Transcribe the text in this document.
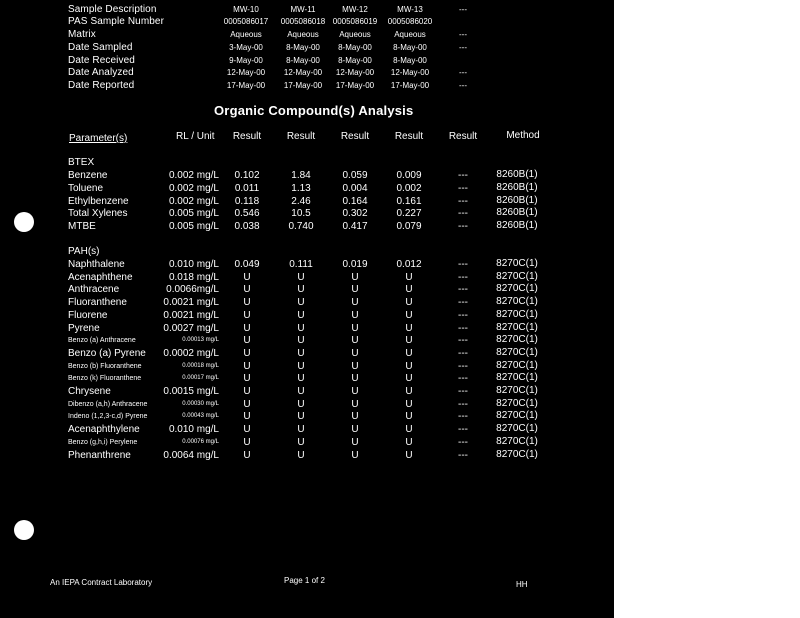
Sample Description	MW-10	MW-11	MW-12	MW-13	---
PAS Sample Number	0005086017	0005086018 0005086019	0005086020
Matrix	Aqueous	Aqueous	Aqueous	Aqueous	---
Date Sampled	3-May-00	8-May-00	8-May-00	8-May-00	---
Date Received	9-May-00	8-May-00	8-May-00	8-May-00
Date Analyzed	12-May-00	12-May-00	12-May-00	12-May-00	---
Date Reported	17-May-00	17-May-00	17-May-00	17-May-00	---
Organic Compound(s) Analysis
Parameter(s)	RL / Unit	Result	Result	Result	Result	Result	Method
BTEX
Benzene	0.002 mg/L	0.102	1.84	0.059	0.009	---	8260B(1)
Toluene	0.002 mg/L	0.011	1.13	0.004	0.002	---	8260B(1)
Ethylbenzene	0.002 mg/L	0.118	2.46	0.164	0.161	---	8260B(1)
Total Xylenes	0.005 mg/L	0.546	10.5	0.302	0.227	---	8260B(1)
MTBE	0.005 mg/L	0.038	0.740	0.417	0.079	---	8260B(1)
PAH(s)
Naphthalene	0.010 mg/L	0.049	0.111	0.019	0.012	---	8270C(1)
Acenaphthene	0.018 mg/L	U	U	U	U	---	8270C(1)
Anthracene	0.0066mg/L	U	U	U	U	---	8270C(1)
Fluoranthene	0.0021 mg/L	U	U	U	U	---	8270C(1)
Fluorene	0.0021 mg/L	U	U	U	U	---	8270C(1)
Pyrene	0.0027 mg/L	U	U	U	U	---	8270C(1)
Benzo (a) Anthracene	0.00013 mg/L	U	U	U	U	---	8270C(1)
Benzo (a) Pyrene	0.0002 mg/L	U	U	U	U	---	8270C(1)
Benzo (b) Fluoranthene	0.00018 mg/L	U	U	U	U	---	8270C(1)
Benzo (k) Fluoranthene	0.00017 mg/L	U	U	U	U	---	8270C(1)
Chrysene	0.0015 mg/L	U	U	U	U	---	8270C(1)
Dibenzo (a,h) Anthracene	0.00030 mg/L	U	U	U	U	---	8270C(1)
Indeno (1,2,3-c,d) Pyrene	0.00043 mg/L	U	U	U	U	---	8270C(1)
Acenaphthylene	0.010 mg/L	U	U	U	U	---	8270C(1)
Benzo (g,h,i) Perylene	0.00076 mg/L	U	U	U	U	---	8270C(1)
Phenanthrene	0.0064 mg/L	U	U	U	U	---	8270C(1)
An IEPA Contract Laboratory	Page 1 of 2	HH
